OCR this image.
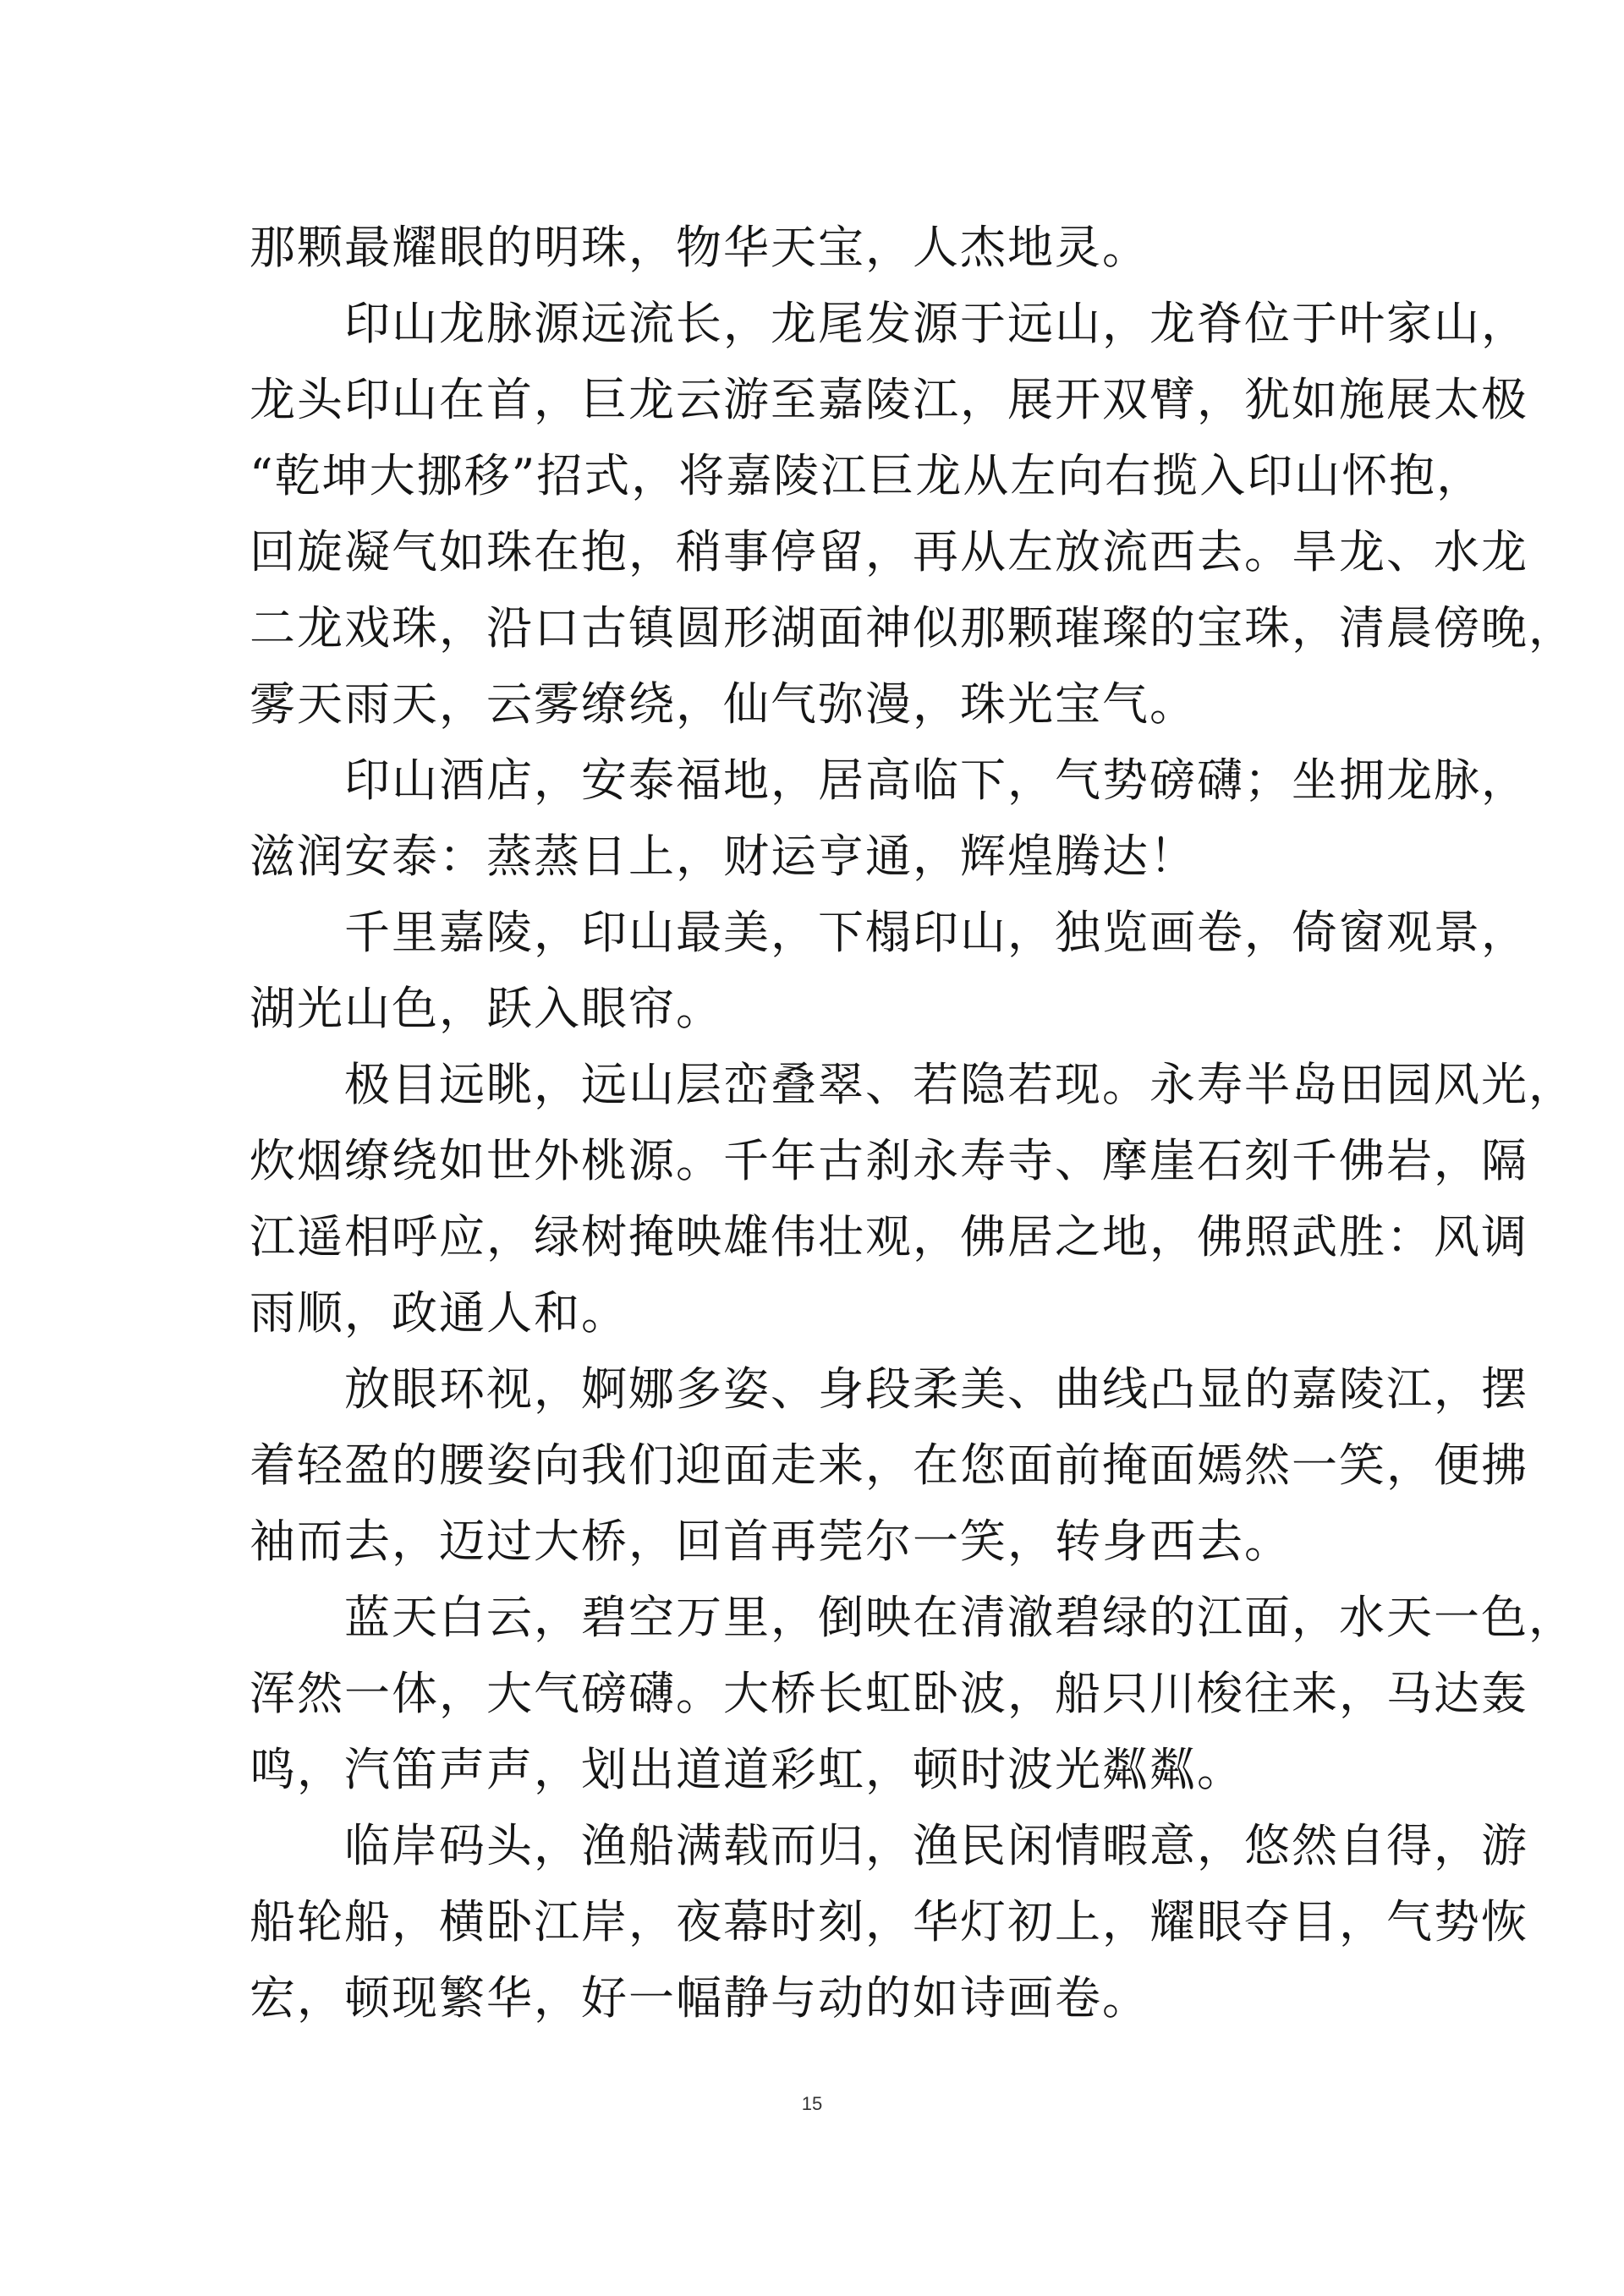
那颗最耀眼的明珠，物华天宝，人杰地灵。
印山龙脉源远流长，龙尾发源于远山，龙脊位于叶家山，
龙头印山在首，巨龙云游至嘉陵江，展开双臂，犹如施展太极
“乾坤大挪移”招式，将嘉陵江巨龙从左向右揽入印山怀抱，
回旋凝气如珠在抱，稍事停留，再从左放流西去。旱龙、水龙
二龙戏珠，沿口古镇圆形湖面神似那颗璀璨的宝珠，清晨傍晚，
雾天雨天，云雾缭绕，仙气弥漫，珠光宝气。
印山酒店，安泰福地，居高临下，气势磅礴；坐拥龙脉，
滋润安泰：蒸蒸日上，财运亨通，辉煌腾达！
千里嘉陵，印山最美，下榻印山，独览画卷，倚窗观景，
湖光山色，跃入眼帘。
极目远眺，远山层峦叠翠、若隐若现。永寿半岛田园风光，
炊烟缭绕如世外桃源。千年古刹永寿寺、摩崖石刻千佛岩，隔
江遥相呼应，绿树掩映雄伟壮观，佛居之地，佛照武胜：风调
雨顺，政通人和。
放眼环视，婀娜多姿、身段柔美、曲线凸显的嘉陵江，摆
着轻盈的腰姿向我们迎面走来，在您面前掩面嫣然一笑，便拂
袖而去，迈过大桥，回首再莞尔一笑，转身西去。
蓝天白云，碧空万里，倒映在清澈碧绿的江面，水天一色，
浑然一体，大气磅礴。大桥长虹卧波，船只川梭往来，马达轰
鸣，汽笛声声，划出道道彩虹，顿时波光粼粼。
临岸码头，渔船满载而归，渔民闲情暇意，悠然自得，游
船轮船，横卧江岸，夜幕时刻，华灯初上，耀眼夺目，气势恢
宏，顿现繁华，好一幅静与动的如诗画卷。
15
